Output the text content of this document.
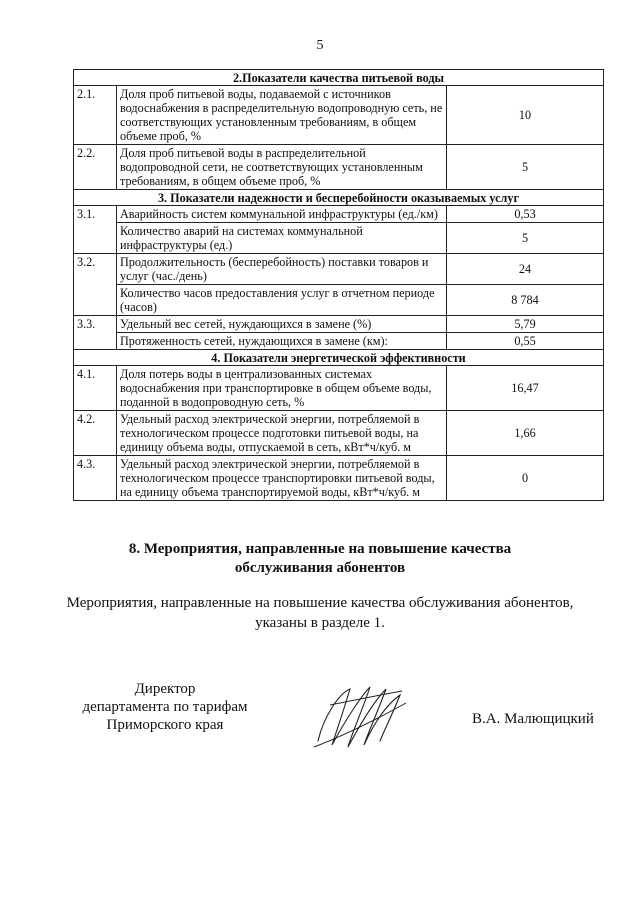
5
2.Показатели качества питьевой воды		
2.1.	Доля проб питьевой воды, подаваемой с источников водоснабжения в распределительную водопроводную сеть, не соответствующих установленным требованиям, в общем объеме проб, %	10
2.2.	Доля проб питьевой воды в распределительной водопроводной сети, не соответствующих установленным требованиям, в общем объеме проб, %	5
3. Показатели надежности и бесперебойности оказываемых услуг		
3.1.	Аварийность систем коммунальной инфраструктуры (ед./км)	0,53
	Количество аварий на системах коммунальной инфраструктуры (ед.)	5
3.2.	Продолжительность (бесперебойность) поставки товаров и услуг (час./день)	24
	Количество часов предоставления услуг в отчетном периоде (часов)	8 784
3.3.	Удельный вес сетей, нуждающихся в замене (%)	5,79
	Протяженность сетей, нуждающихся в замене (км):	0,55
4. Показатели энергетической эффективности		
4.1.	Доля потерь воды в централизованных системах водоснабжения при транспортировке в общем объеме воды, поданной в водопроводную сеть, %	16,47
4.2.	Удельный расход электрической энергии, потребляемой в технологическом процессе подготовки питьевой воды, на единицу объема воды, отпускаемой в сеть, кВт*ч/куб. м	1,66
4.3.	Удельный расход электрической энергии, потребляемой в технологическом процессе транспортировки питьевой воды, на единицу объема транспортируемой воды, кВт*ч/куб. м	0
8. Мероприятия, направленные на повышение качества
обслуживания абонентов
Мероприятия, направленные на повышение качества обслуживания абонентов,
указаны в разделе 1.
Директор
департамента по тарифам
Приморского края	В.А. Малющицкий
